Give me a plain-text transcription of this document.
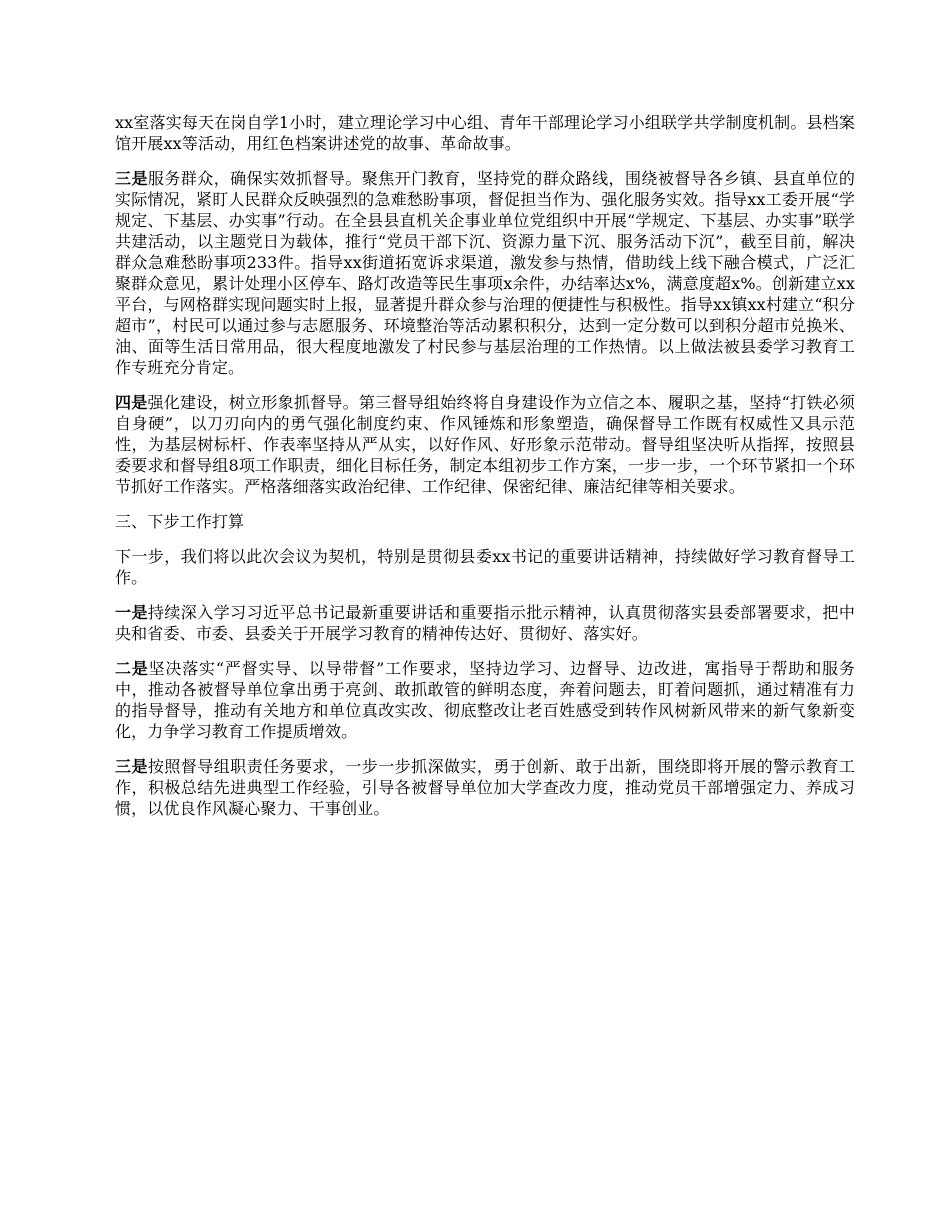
xx室落实每天在岗自学1小时，建立理论学习中心组、青年干部理论学习小组联学共学制度机制。县档案馆开展xx等活动，用红色档案讲述党的故事、革命故事。

三是服务群众，确保实效抓督导。聚焦开门教育，坚持党的群众路线，围绕被督导各乡镇、县直单位的实际情况，紧盯人民群众反映强烈的急难愁盼事项，督促担当作为、强化服务实效。指导xx工委开展“学规定、下基层、办实事”行动。在全县县直机关企事业单位党组织中开展“学规定、下基层、办实事”联学共建活动，以主题党日为载体，推行“党员干部下沉、资源力量下沉、服务活动下沉”，截至目前，解决群众急难愁盼事项233件。指导xx街道拓宽诉求渠道，激发参与热情，借助线上线下融合模式，广泛汇聚群众意见，累计处理小区停车、路灯改造等民生事项x余件，办结率达x%，满意度超x%。创新建立xx平台，与网格群实现问题实时上报，显著提升群众参与治理的便捷性与积极性。指导xx镇xx村建立“积分超市”，村民可以通过参与志愿服务、环境整治等活动累积积分，达到一定分数可以到积分超市兑换米、油、面等生活日常用品，很大程度地激发了村民参与基层治理的工作热情。以上做法被县委学习教育工作专班充分肯定。

四是强化建设，树立形象抓督导。第三督导组始终将自身建设作为立信之本、履职之基，坚持“打铁必须自身硬”，以刀刃向内的勇气强化制度约束、作风锤炼和形象塑造，确保督导工作既有权威性又具示范性，为基层树标杆、作表率坚持从严从实，以好作风、好形象示范带动。督导组坚决听从指挥，按照县委要求和督导组8项工作职责，细化目标任务，制定本组初步工作方案，一步一步，一个环节紧扣一个环节抓好工作落实。严格落细落实政治纪律、工作纪律、保密纪律、廉洁纪律等相关要求。

三、下步工作打算

下一步，我们将以此次会议为契机，特别是贯彻县委xx书记的重要讲话精神，持续做好学习教育督导工作。

一是持续深入学习习近平总书记最新重要讲话和重要指示批示精神，认真贯彻落实县委部署要求，把中央和省委、市委、县委关于开展学习教育的精神传达好、贯彻好、落实好。

二是坚决落实“严督实导、以导带督”工作要求，坚持边学习、边督导、边改进，寓指导于帮助和服务中，推动各被督导单位拿出勇于亮剑、敢抓敢管的鲜明态度，奔着问题去，盯着问题抓，通过精准有力的指导督导，推动有关地方和单位真改实改、彻底整改让老百姓感受到转作风树新风带来的新气象新变化，力争学习教育工作提质增效。

三是按照督导组职责任务要求，一步一步抓深做实，勇于创新、敢于出新，围绕即将开展的警示教育工作，积极总结先进典型工作经验，引导各被督导单位加大学查改力度，推动党员干部增强定力、养成习惯，以优良作风凝心聚力、干事创业。
